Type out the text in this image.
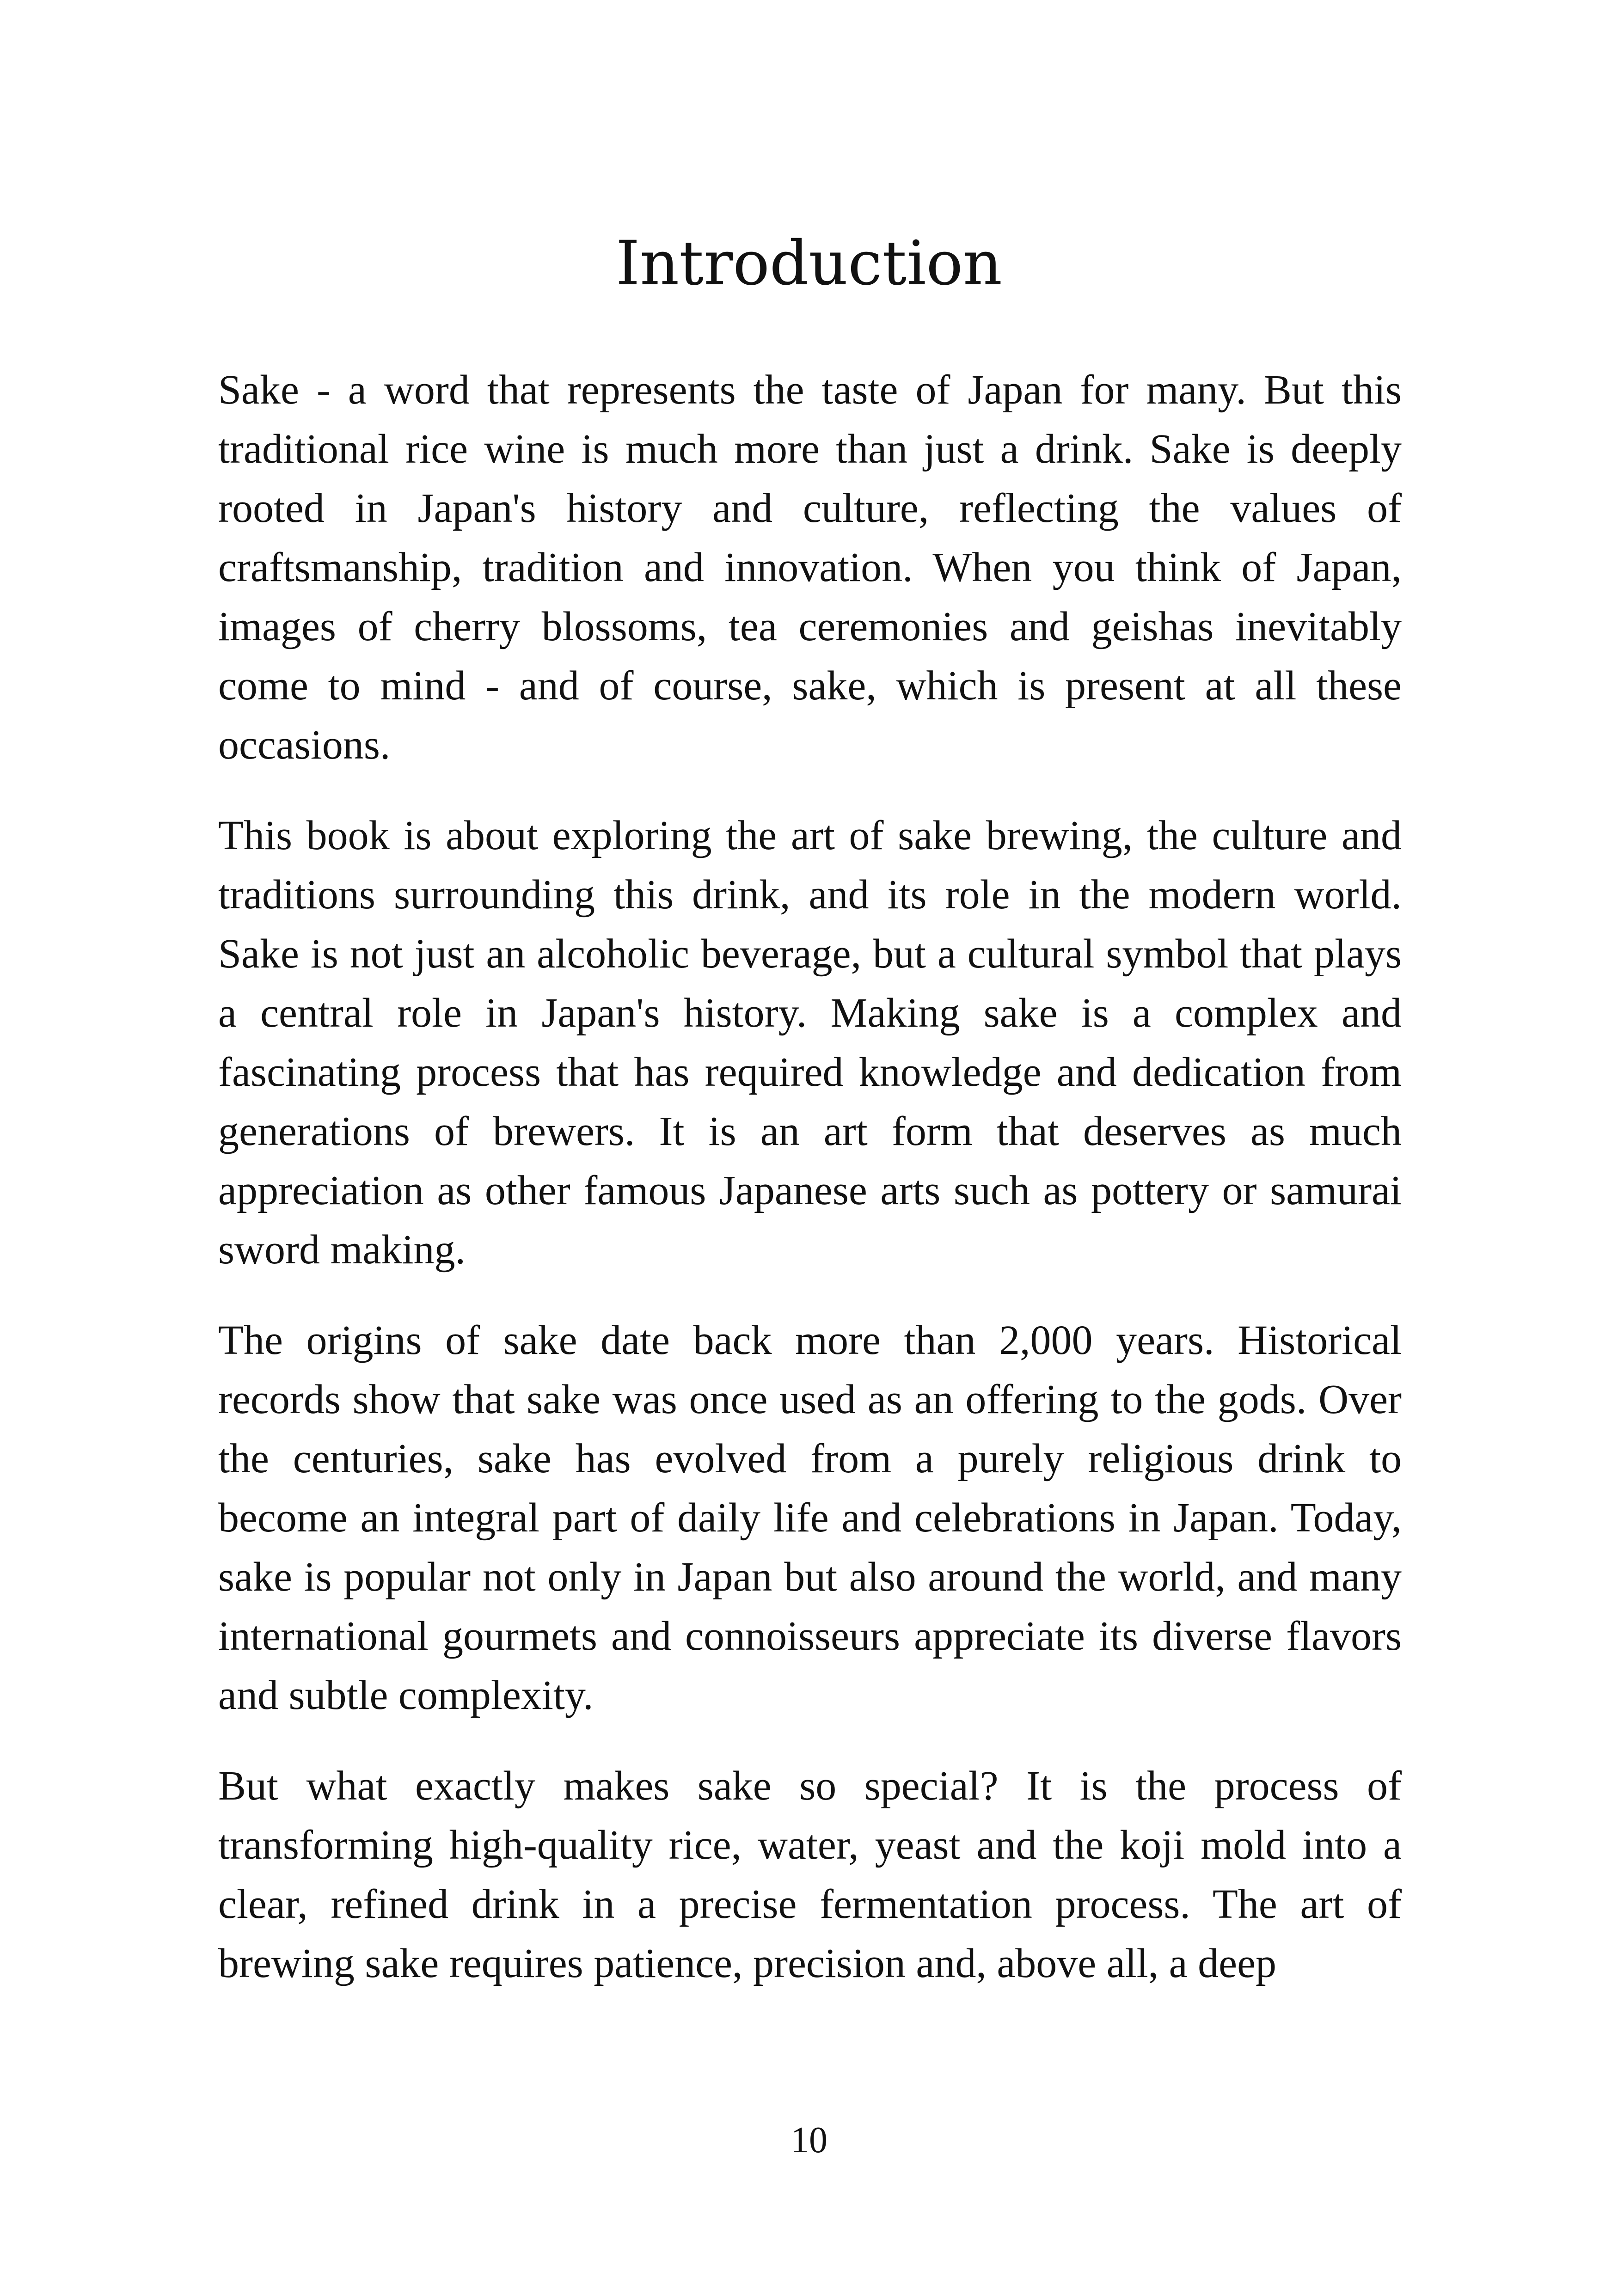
Introduction

Sake - a word that represents the taste of Japan for many. But this traditional rice wine is much more than just a drink. Sake is deeply rooted in Japan's history and culture, reflecting the values of craftsmanship, tradition and innovation. When you think of Japan, images of cherry blossoms, tea ceremonies and geishas inevitably come to mind - and of course, sake, which is present at all these occasions.

This book is about exploring the art of sake brewing, the culture and traditions surrounding this drink, and its role in the modern world. Sake is not just an alcoholic beverage, but a cultural symbol that plays a central role in Japan's history. Making sake is a complex and fascinating process that has required knowledge and dedication from generations of brewers. It is an art form that deserves as much appreciation as other famous Japanese arts such as pottery or samurai sword making.

The origins of sake date back more than 2,000 years. Historical records show that sake was once used as an offering to the gods. Over the centuries, sake has evolved from a purely religious drink to become an integral part of daily life and celebrations in Japan. Today, sake is popular not only in Japan but also around the world, and many international gourmets and connoisseurs appreciate its diverse flavors and subtle complexity.

But what exactly makes sake so special? It is the process of transforming high-quality rice, water, yeast and the koji mold into a clear, refined drink in a precise fermentation process. The art of brewing sake requires patience, precision and, above all, a deep

10
